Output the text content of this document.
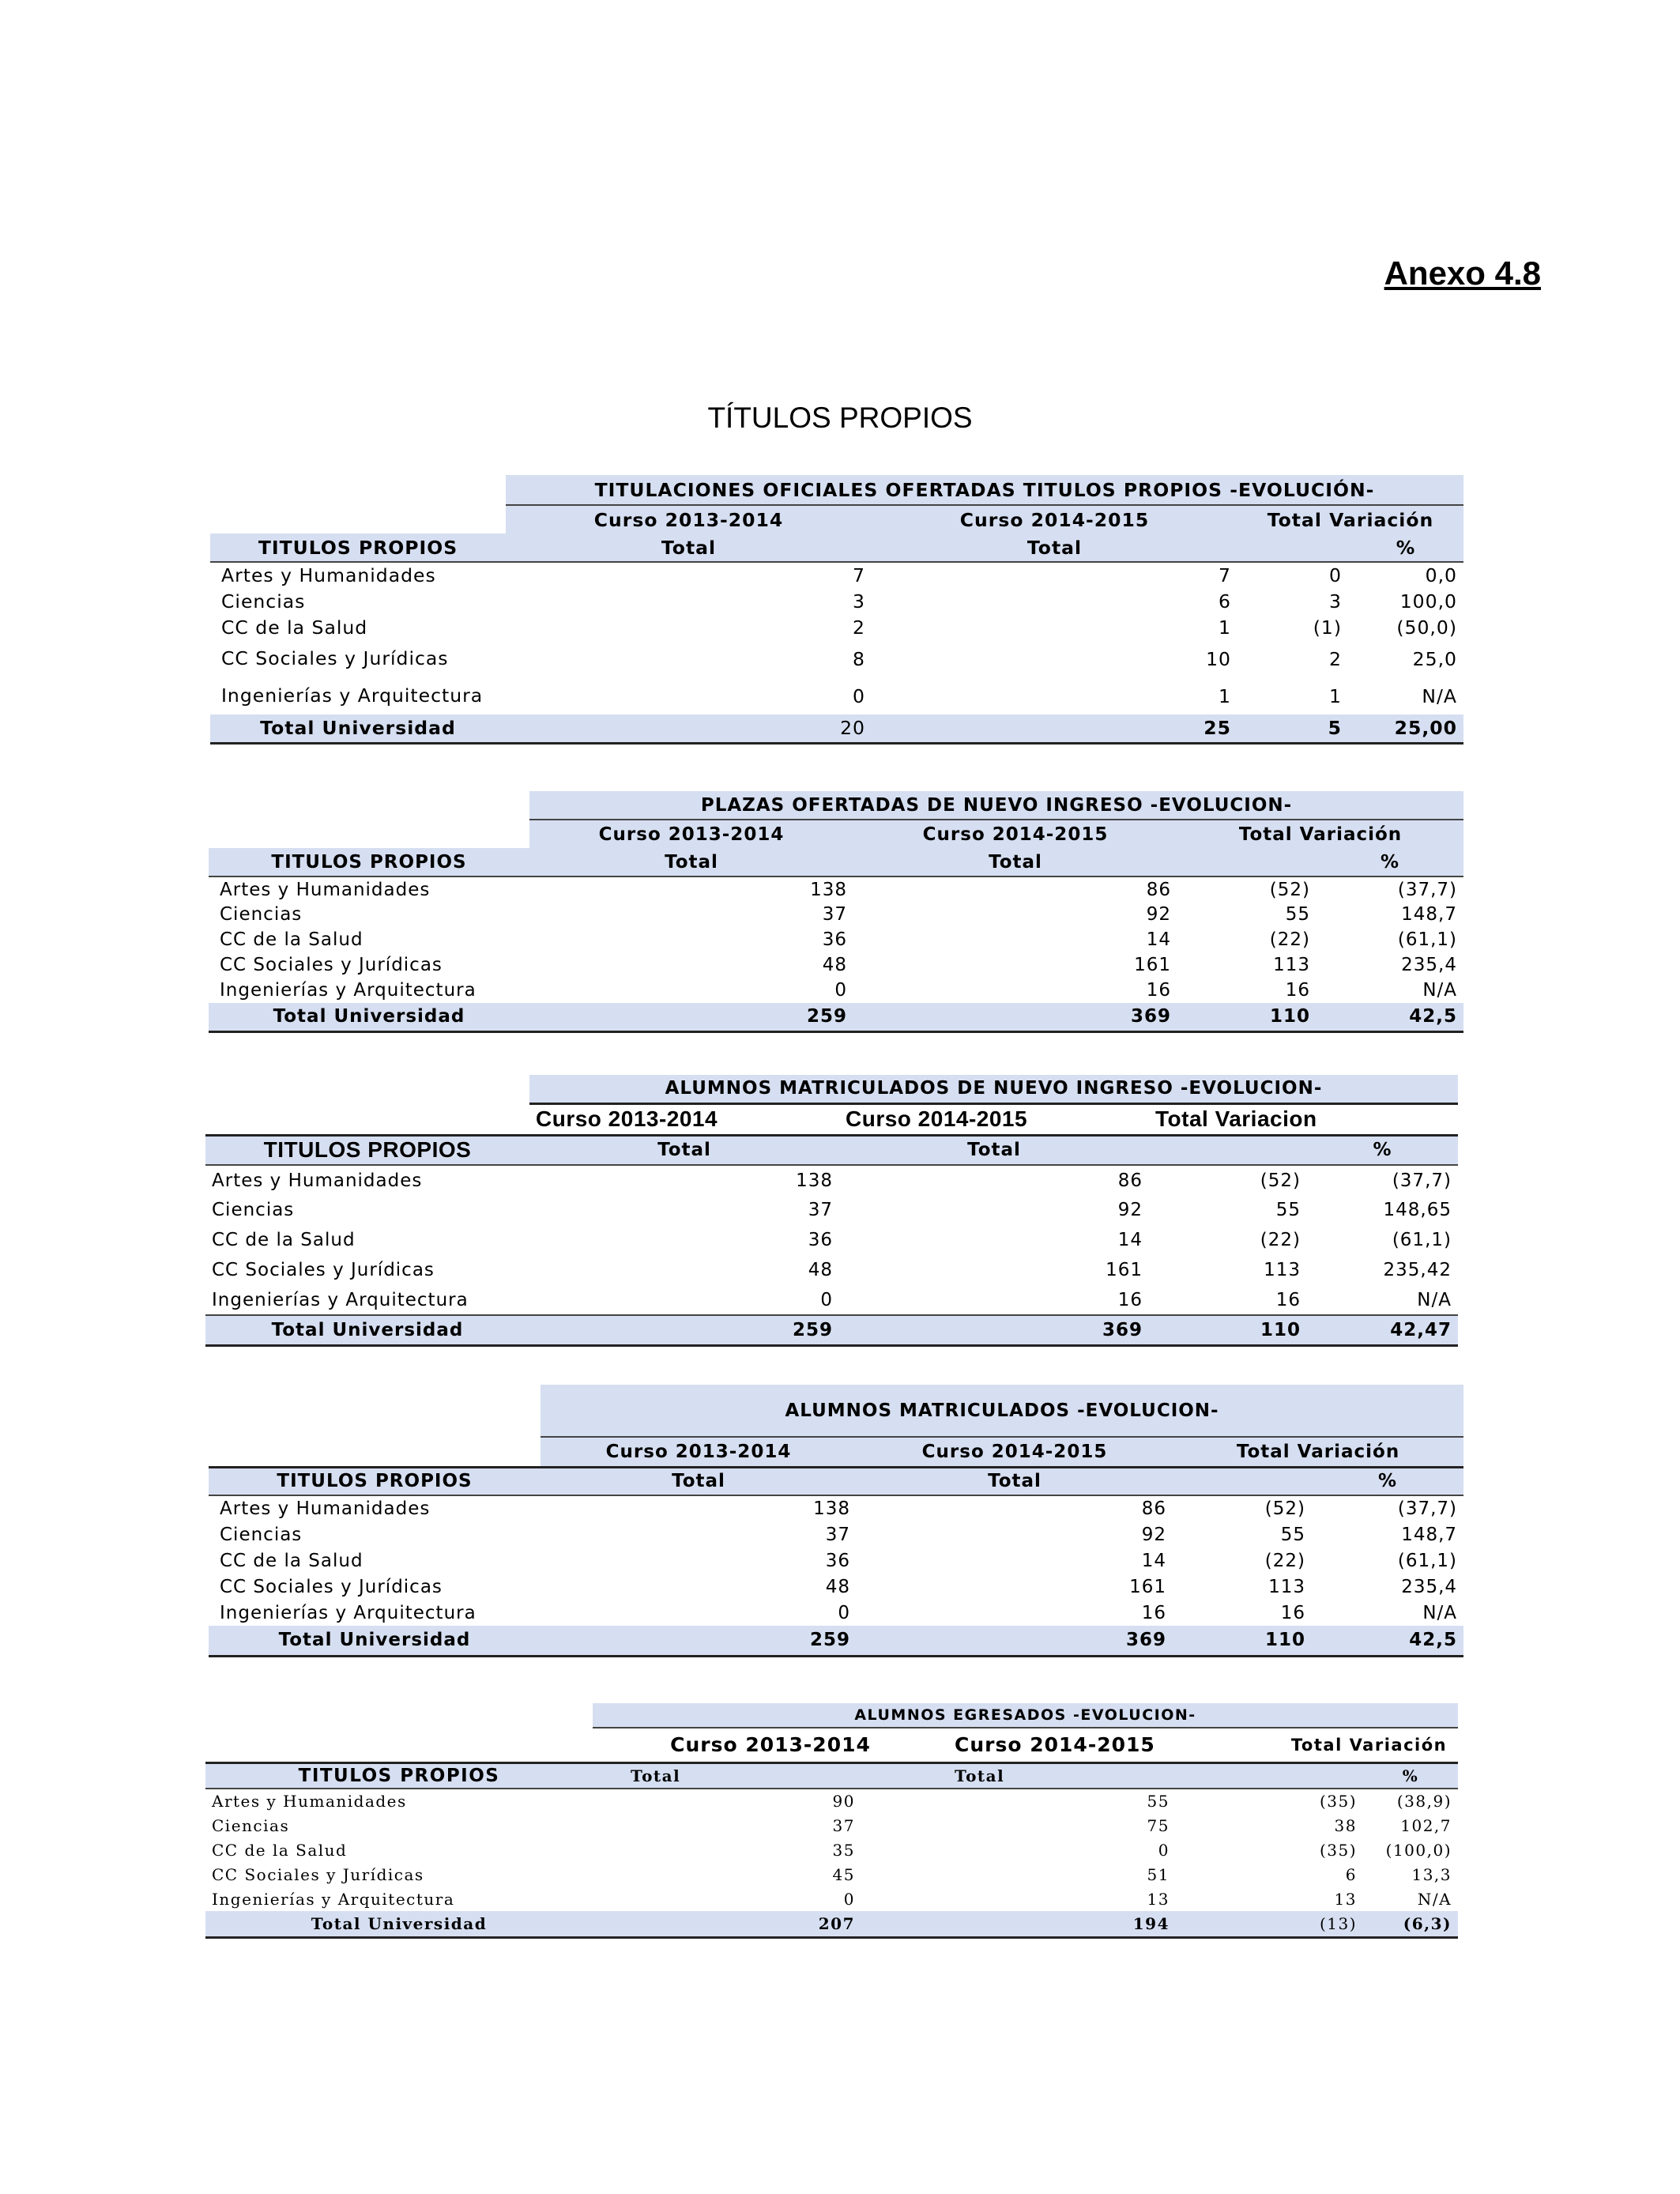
Anexo 4.8
TÍTULOS PROPIOS
	TITULACIONES OFICIALES OFERTADAS TITULOS PROPIOS -EVOLUCIÓN-			
	Curso 2013-2014	Curso 2014-2015	Total Variación	
TITULOS PROPIOS	Total	Total		%
Artes y Humanidades	7	7	0	0,0
Ciencias	3	6	3	100,0
CC de la Salud	2	1	(1)	(50,0)
CC Sociales y Jurídicas	8	10	2	25,0
Ingenierías y Arquitectura	0	1	1	N/A
Total Universidad	20	25	5	25,00
	PLAZAS OFERTADAS DE NUEVO INGRESO -EVOLUCION-			
	Curso 2013-2014	Curso 2014-2015	Total Variación	
TITULOS PROPIOS	Total	Total		%
Artes y Humanidades	138	86	(52)	(37,7)
Ciencias	37	92	55	148,7
CC de la Salud	36	14	(22)	(61,1)
CC Sociales y Jurídicas	48	161	113	235,4
Ingenierías y Arquitectura	0	16	16	N/A
Total Universidad	259	369	110	42,5
	ALUMNOS MATRICULADOS DE NUEVO INGRESO -EVOLUCION-			
	Curso 2013-2014	Curso 2014-2015	Total Variacion	
TITULOS PROPIOS	Total	Total		%
Artes y Humanidades	138	86	(52)	(37,7)
Ciencias	37	92	55	148,65
CC de la Salud	36	14	(22)	(61,1)
CC Sociales y Jurídicas	48	161	113	235,42
Ingenierías y Arquitectura	0	16	16	N/A
Total Universidad	259	369	110	42,47
	ALUMNOS MATRICULADOS -EVOLUCION-			
	Curso 2013-2014	Curso 2014-2015	Total Variación	
TITULOS PROPIOS	Total	Total		%
Artes y Humanidades	138	86	(52)	(37,7)
Ciencias	37	92	55	148,7
CC de la Salud	36	14	(22)	(61,1)
CC Sociales y Jurídicas	48	161	113	235,4
Ingenierías y Arquitectura	0	16	16	N/A
Total Universidad	259	369	110	42,5
	ALUMNOS EGRESADOS -EVOLUCION-			
	Curso 2013-2014	Curso 2014-2015	Total Variación	
TITULOS PROPIOS	Total	Total		%
Artes y Humanidades	90	55	(35)	(38,9)
Ciencias	37	75	38	102,7
CC de la Salud	35	0	(35)	(100,0)
CC Sociales y Jurídicas	45	51	6	13,3
Ingenierías y Arquitectura	0	13	13	N/A
Total Universidad	207	194	(13)	(6,3)
